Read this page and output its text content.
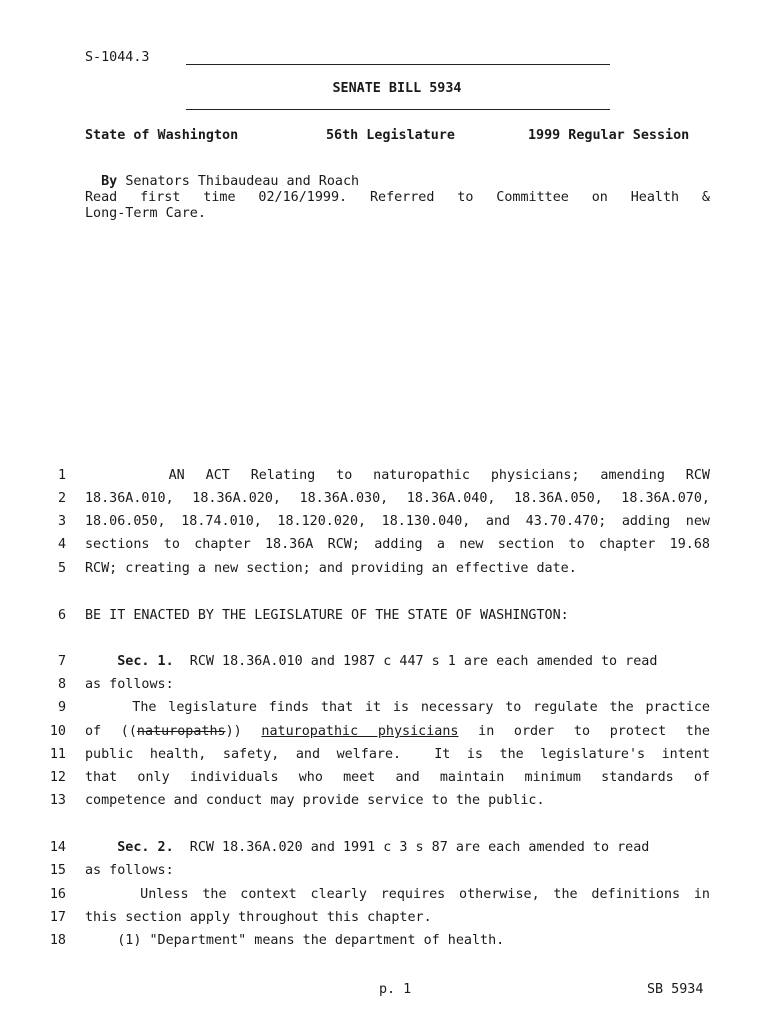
S-1044.3
SENATE BILL 5934
State of Washington	56th Legislature	1999 Regular Session

By Senators Thibaudeau and Roach

Read first time 02/16/1999. Referred to Committee on Health &
Long-Term Care.
1 AN ACT Relating to naturopathic physicians; amending RCW
2 18.36A.010, 18.36A.020, 18.36A.030, 18.36A.040, 18.36A.050, 18.36A.070,
3 18.06.050, 18.74.010, 18.120.020, 18.130.040, and 43.70.470; adding new
4 sections to chapter 18.36A RCW; adding a new section to chapter 19.68
5 RCW; creating a new section; and providing an effective date.
6 BE IT ENACTED BY THE LEGISLATURE OF THE STATE OF WASHINGTON:
7	Sec. 1.  RCW 18.36A.010 and 1987 c 447 s 1 are each amended to read
8 as follows:
9 The legislature finds that it is necessary to regulate the practice
10 of ((naturopaths)) naturopathic physicians in order to protect the
11 public health, safety, and welfare.  It is the legislature's intent
12 that only individuals who meet and maintain minimum standards of
13 competence and conduct may provide service to the public.
14	Sec. 2.  RCW 18.36A.020 and 1991 c 3 s 87 are each amended to read
15 as follows:
16 Unless the context clearly requires otherwise, the definitions in
17 this section apply throughout this chapter.
18 (1) "Department" means the department of health.
p. 1	SB 5934
